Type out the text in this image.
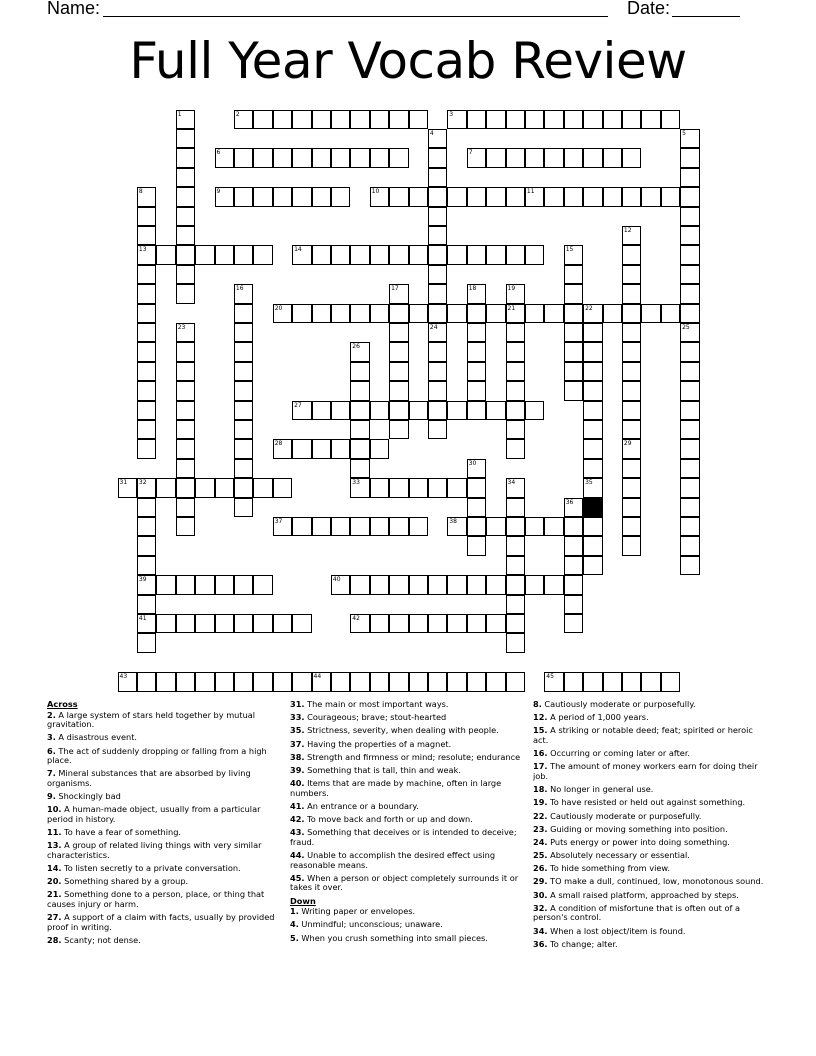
Name:	Date:
Full Year Vocab Review
2	3
6	7
9	10	11
13	14
20	21
27
28
31	33
37	38
39	40
41	42
43	44	45
1
4	5
8
12
15
16	17	18	19
22
23	24	25
26
29
30
32	34	35
36
Across
2. A large system of stars held together by mutual gravitation.
3. A disastrous event.
6. The act of suddenly dropping or falling from a high place.
7. Mineral substances that are absorbed by living organisms.
9. Shockingly bad
10. A human-made object, usually from a particular period in history.
11. To have a fear of something.
13. A group of related living things with very similar characteristics.
14. To listen secretly to a private conversation.
20. Something shared by a group.
21. Something done to a person, place, or thing that causes injury or harm.
27. A support of a claim with facts, usually by provided proof in writing.
28. Scanty; not dense.
31. The main or most important ways.
33. Courageous; brave; stout-hearted
35. Strictness, severity, when dealing with people.
37. Having the properties of a magnet.
38. Strength and firmness or mind; resolute; endurance
39. Something that is tall, thin and weak.
40. Items that are made by machine, often in large numbers.
41. An entrance or a boundary.
42. To move back and forth or up and down.
43. Something that deceives or is intended to deceive; fraud.
44. Unable to accomplish the desired effect using reasonable means.
45. When a person or object completely surrounds it or takes it over.
Down
1. Writing paper or envelopes.
4. Unmindful; unconscious; unaware.
5. When you crush something into small pieces.
8. Cautiously moderate or purposefully.
12. A period of 1,000 years.
15. A striking or notable deed; feat; spirited or heroic act.
16. Occurring or coming later or after.
17. The amount of money workers earn for doing their job.
18. No longer in general use.
19. To have resisted or held out against something.
22. Cautiously moderate or purposefully.
23. Guiding or moving something into position.
24. Puts energy or power into doing something.
25. Absolutely necessary or essential.
26. To hide something from view.
29. TO make a dull, continued, low, monotonous sound.
30. A small raised platform, approached by steps.
32. A condition of misfortune that is often out of a person's control.
34. When a lost object/item is found.
36. To change; alter.
